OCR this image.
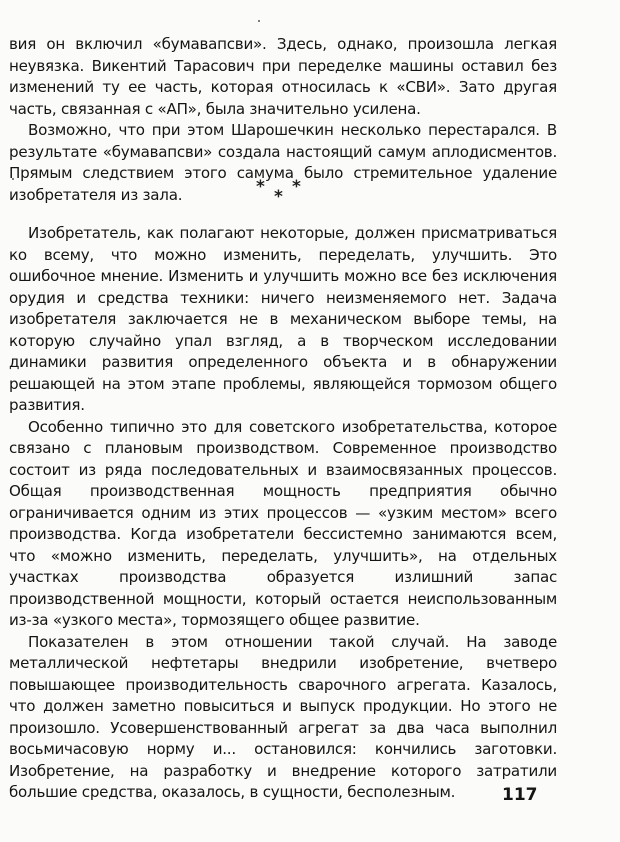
вия он включил «бумавапсви». Здесь, однако, произошла легкая неувязка. Викентий Тарасович при переделке машины оставил без изменений ту ее часть, которая относилась к «СВИ». Зато другая часть, связанная с «АП», была значительно усилена.

Возможно, что при этом Шарошечкин несколько перестарался. В результате «бумавапсви» создала настоящий самум аплодисментов. Прямым следствием этого самума было стремительное удаление изобретателя из зала.	* * *

Изобретатель, как полагают некоторые, должен присматриваться ко всему, что можно изменить, переделать, улучшить. Это ошибочное мнение. Изменить и улучшить можно все без исключения орудия и средства техники: ничего неизменяемого нет. Задача изобретателя заключается не в механическом выборе темы, на которую случайно упал взгляд, а в творческом исследовании динамики развития определенного объекта и в обнаружении решающей на этом этапе проблемы, являющейся тормозом общего развития.

Особенно типично это для советского изобретательства, которое связано с плановым производством. Современное производство состоит из ряда последовательных и взаимосвязанных процессов. Общая производственная мощность предприятия обычно ограничивается одним из этих процессов — «узким местом» всего производства. Когда изобретатели бессистемно занимаются всем, что «можно изменить, переделать, улучшить», на отдельных участках производства образуется излишний запас производственной мощности, который остается неиспользованным из-за «узкого места», тормозящего общее развитие.

Показателен в этом отношении такой случай. На заводе металлической нефтетары внедрили изобретение, вчетверо повышающее производительность сварочного агрегата. Казалось, что должен заметно повыситься и выпуск продукции. Но этого не произошло. Усовершенствованный агрегат за два часа выполнил восьмичасовую норму и... остановился: кончились заготовки. Изобретение, на разработку и внедрение которого затратили большие средства, оказалось, в сущности, бесполезным.	117
